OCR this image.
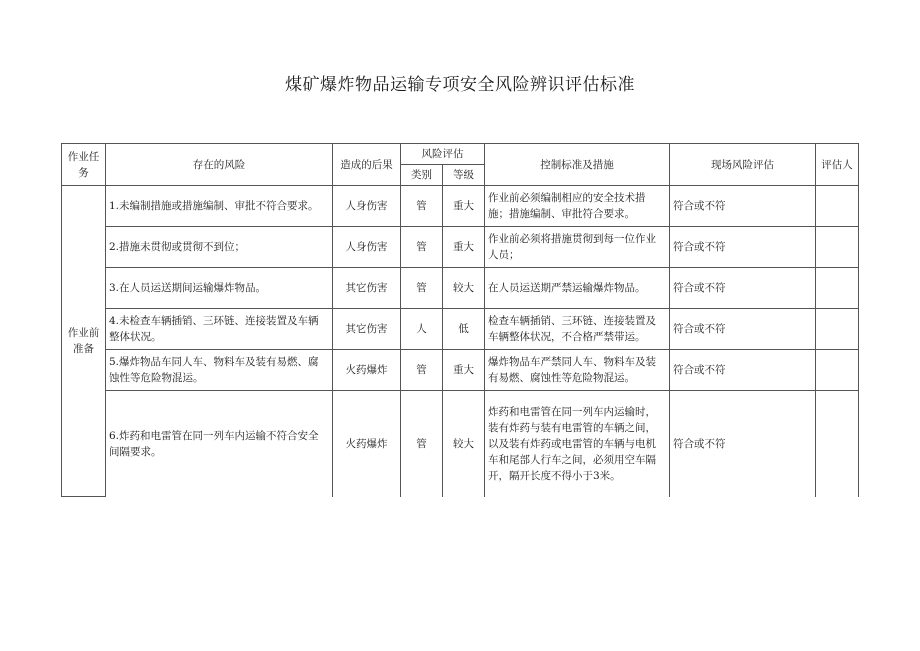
煤矿爆炸物品运输专项安全风险辨识评估标准
作业任务	存在的风险	造成的后果	风险评估		控制标准及措施	现场风险评估	评估人
			类别	等级			
作业前准备	1.未编制措施或措施编制、审批不符合要求。	人身伤害	管	重大	作业前必须编制相应的安全技术措施；措施编制、审批符合要求。	符合或不符	
	2.措施未贯彻或贯彻不到位；	人身伤害	管	重大	作业前必须将措施贯彻到每一位作业人员；	符合或不符	
	3.在人员运送期间运输爆炸物品。	其它伤害	管	较大	在人员运送期严禁运输爆炸物品。	符合或不符	
	4.未检查车辆插销、三环链、连接装置及车辆整体状况。	其它伤害	人	低	检查车辆插销、三环链、连接装置及车辆整体状况，不合格严禁带运。	符合或不符	
	5.爆炸物品车同人车、物料车及装有易燃、腐蚀性等危险物混运。	火药爆炸	管	重大	爆炸物品车严禁同人车、物料车及装有易燃、腐蚀性等危险物混运。	符合或不符	
	6.炸药和电雷管在同一列车内运输不符合安全间隔要求。	火药爆炸	管	较大	炸药和电雷管在同一列车内运输时，装有炸药与装有电雷管的车辆之间，以及装有炸药或电雷管的车辆与电机车和尾部人行车之间，必须用空车隔开，隔开长度不得小于3米。	符合或不符	
